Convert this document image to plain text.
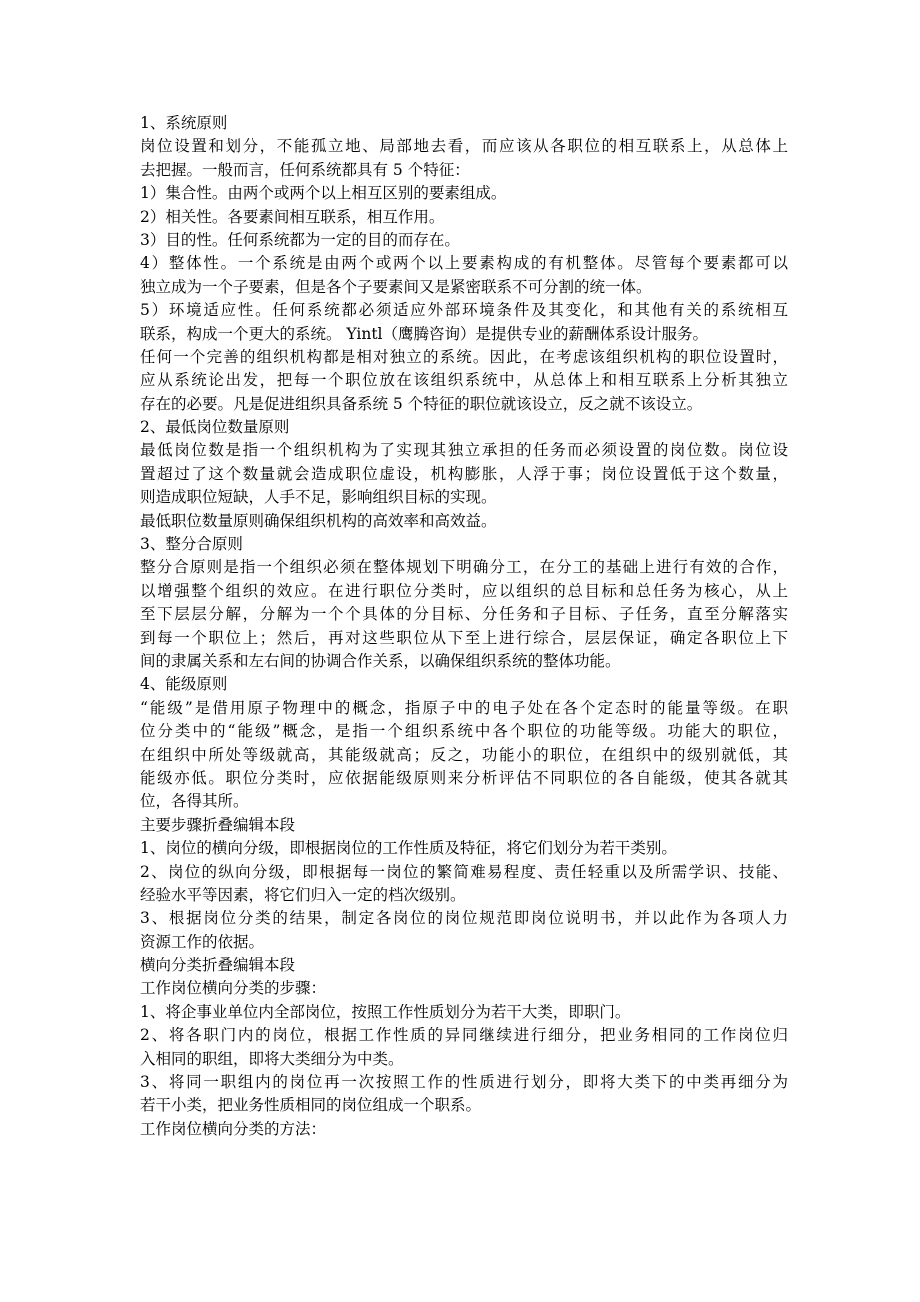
1、系统原则

岗位设置和划分，不能孤立地、局部地去看，而应该从各职位的相互联系上，从总体上

去把握。一般而言，任何系统都具有 5 个特征：

1）集合性。由两个或两个以上相互区别的要素组成。

2）相关性。各要素间相互联系，相互作用。

3）目的性。任何系统都为一定的目的而存在。

4）整体性。一个系统是由两个或两个以上要素构成的有机整体。尽管每个要素都可以

独立成为一个子要素，但是各个子要素间又是紧密联系不可分割的统一体。

5）环境适应性。任何系统都必须适应外部环境条件及其变化，和其他有关的系统相互

联系，构成一个更大的系统。 Yintl（鹰腾咨询）是提供专业的薪酬体系设计服务。

任何一个完善的组织机构都是相对独立的系统。因此，在考虑该组织机构的职位设置时，

应从系统论出发，把每一个职位放在该组织系统中，从总体上和相互联系上分析其独立

存在的必要。凡是促进组织具备系统 5 个特征的职位就该设立，反之就不该设立。

2、最低岗位数量原则

最低岗位数是指一个组织机构为了实现其独立承担的任务而必须设置的岗位数。岗位设

置超过了这个数量就会造成职位虚设，机构膨胀，人浮于事；岗位设置低于这个数量，

则造成职位短缺，人手不足，影响组织目标的实现。

最低职位数量原则确保组织机构的高效率和高效益。

3、整分合原则

整分合原则是指一个组织必须在整体规划下明确分工，在分工的基础上进行有效的合作，

以增强整个组织的效应。在进行职位分类时，应以组织的总目标和总任务为核心，从上

至下层层分解，分解为一个个具体的分目标、分任务和子目标、子任务，直至分解落实

到每一个职位上；然后，再对这些职位从下至上进行综合，层层保证，确定各职位上下

间的隶属关系和左右间的协调合作关系，以确保组织系统的整体功能。

4、能级原则

“能级”是借用原子物理中的概念，指原子中的电子处在各个定态时的能量等级。在职

位分类中的“能级”概念，是指一个组织系统中各个职位的功能等级。功能大的职位，

在组织中所处等级就高，其能级就高；反之，功能小的职位，在组织中的级别就低，其

能级亦低。职位分类时，应依据能级原则来分析评估不同职位的各自能级，使其各就其

位，各得其所。

主要步骤折叠编辑本段

1、岗位的横向分级，即根据岗位的工作性质及特征，将它们划分为若干类别。

2、岗位的纵向分级，即根据每一岗位的繁简难易程度、责任轻重以及所需学识、技能、

经验水平等因素，将它们归入一定的档次级别。

3、根据岗位分类的结果，制定各岗位的岗位规范即岗位说明书，并以此作为各项人力

资源工作的依据。

横向分类折叠编辑本段

工作岗位横向分类的步骤：

1、将企事业单位内全部岗位，按照工作性质划分为若干大类，即职门。

2、将各职门内的岗位，根据工作性质的异同继续进行细分，把业务相同的工作岗位归

入相同的职组，即将大类细分为中类。

3、将同一职组内的岗位再一次按照工作的性质进行划分，即将大类下的中类再细分为

若干小类，把业务性质相同的岗位组成一个职系。

工作岗位横向分类的方法：
